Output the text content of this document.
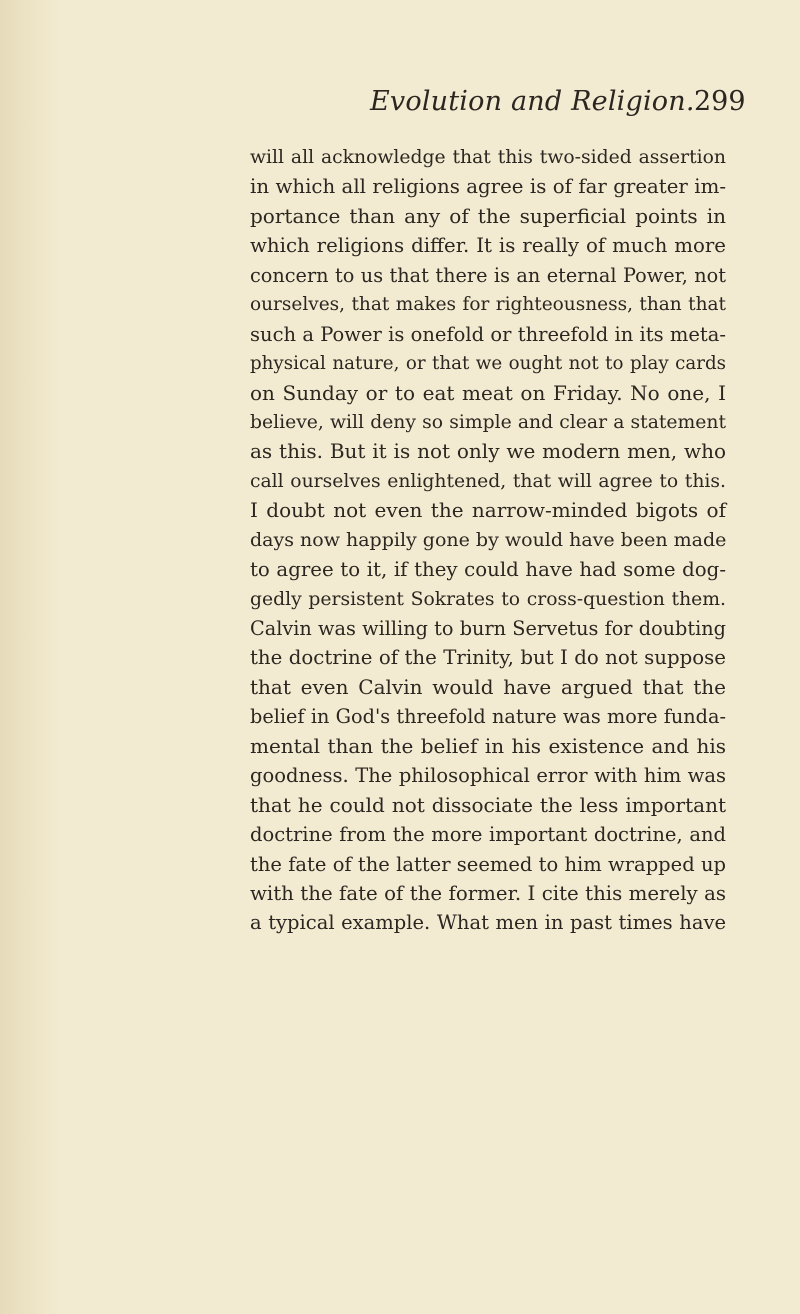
Evolution and Religion. 299
will all acknowledge that this two-sided assertion
in which all religions agree is of far greater im-
portance than any of the superficial points in
which religions differ. It is really of much more
concern to us that there is an eternal Power, not
ourselves, that makes for righteousness, than that
such a Power is onefold or threefold in its meta-
physical nature, or that we ought not to play cards
on Sunday or to eat meat on Friday. No one, I
believe, will deny so simple and clear a statement
as this. But it is not only we modern men, who
call ourselves enlightened, that will agree to this.
I doubt not even the narrow-minded bigots of
days now happily gone by would have been made
to agree to it, if they could have had some dog-
gedly persistent Sokrates to cross-question them.
Calvin was willing to burn Servetus for doubting
the doctrine of the Trinity, but I do not suppose
that even Calvin would have argued that the
belief in God's threefold nature was more funda-
mental than the belief in his existence and his
goodness. The philosophical error with him was
that he could not dissociate the less important
doctrine from the more important doctrine, and
the fate of the latter seemed to him wrapped up
with the fate of the former. I cite this merely as
a typical example. What men in past times have
